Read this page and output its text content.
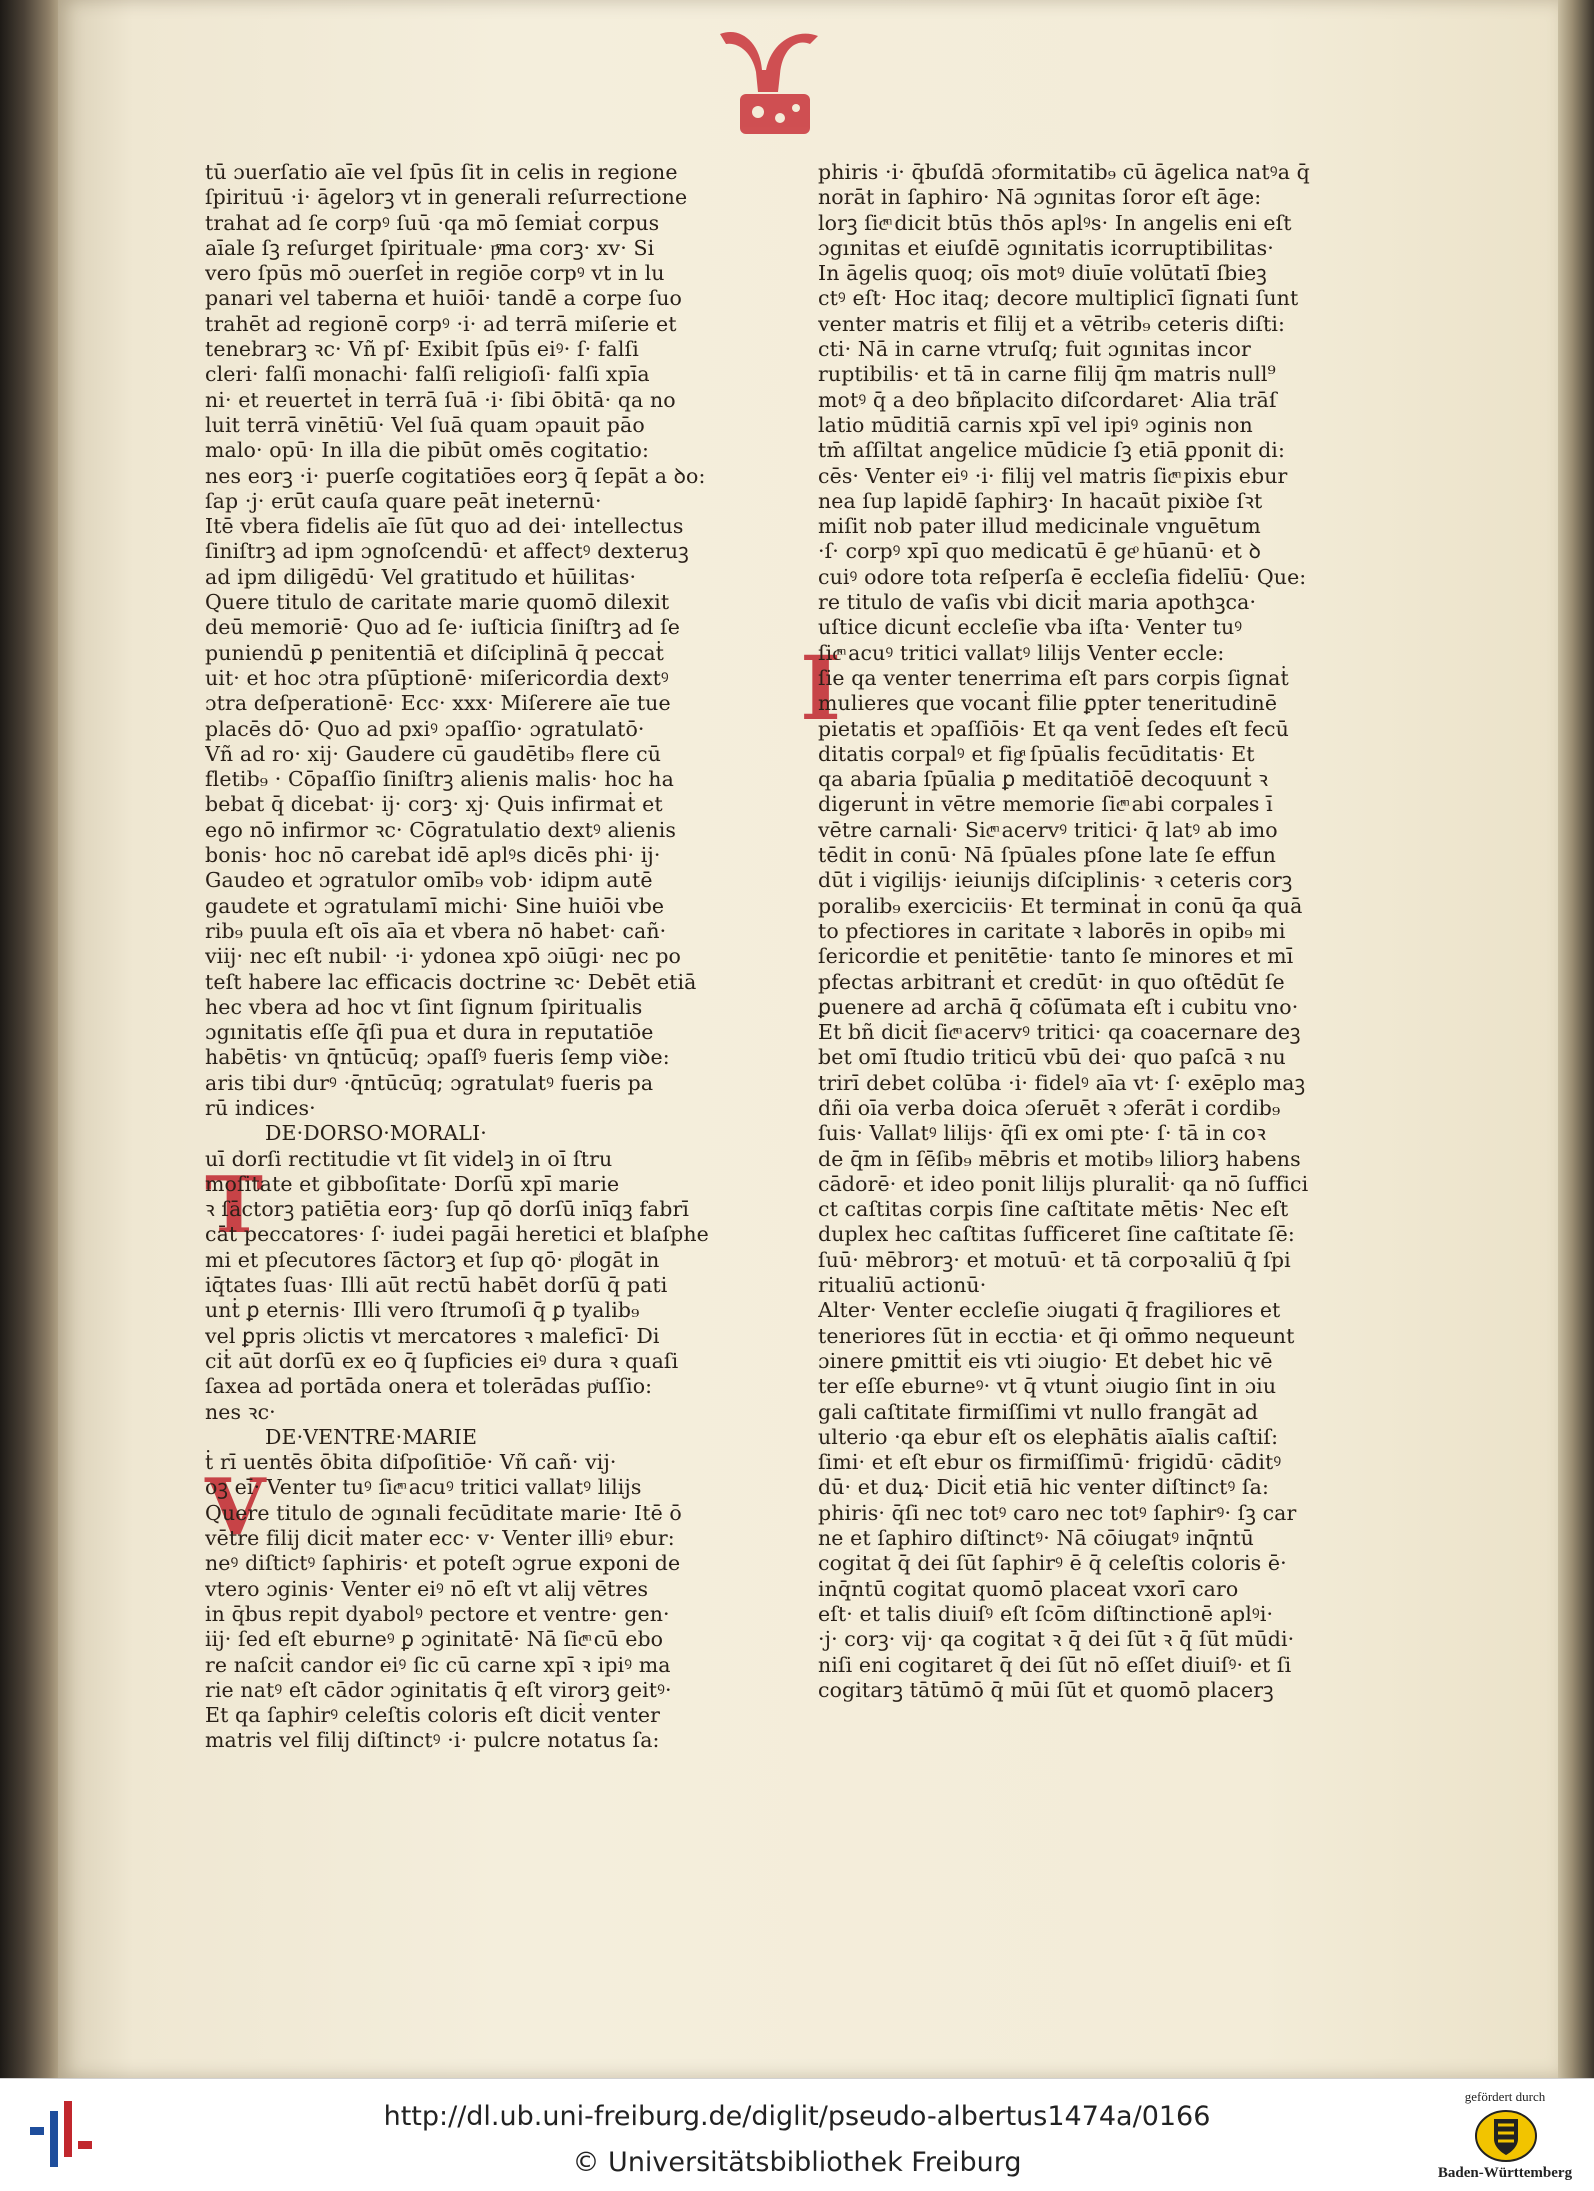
T
V
I
tū ɔuerſatio aīe vel ſpūs ſit in celis in regione
ſpirituū ·i· āgelorꝫ vt in generali reſurrectione
trahat ad ſe corpꝰ ſuū ·qa mō ſemiaṫ corpus
aīale ſꝫ reſurget ſpirituale· pͫma corꝫ· xv· Si
vero ſpūs mō ɔuerſeṫ in regiōe corpꝰ vt in lu
panari vel taberna et huiōi· tandē a corpe ſuo
trahēt ad regionē corpꝰ ·i· ad terrā miſerie et
tenebrarꝫ ꝛc· Vñ pſ· Exibit ſpūs eiꝰ· ſ· falſi
cleri· falſi monachi· falſi religioſi· falſi xpīa
ni· et reuerteṫ in terrā ſuā ·i· ſibi ōbitā· qa no
luit terrā vinētiū· Vel ſuā quam ɔpauit pāo
malo· opū· In illa die pibūt omēs cogitatio:
nes eorꝫ ·i· puerſe cogitatiōes eorꝫ q̄ ſepāt a ꝺo:
ſap ·j· erūt cauſa quare peāt ineternū·
Itē vbera fidelis aīe ſūt quo ad dei· intellectus
ſiniſtrꝫ ad ipm ɔgnoſcendū· et affectꝰ dexteruꝫ
ad ipm diligēdū· Vel gratitudo et hūilitas·
Quere titulo de caritate marie quomō dilexit
deū memoriē· Quo ad ſe· iuſticia ſiniſtrꝫ ad ſe
puniendū ꝑ penitentiā et diſciplinā q̄ peccaṫ
uit· et hoc ɔtra pſūptionē· miſericordia dextꝰ
ɔtra deſperationē· Ecc· xxx· Miſerere aīe tue
placēs dō· Quo ad pxiꝰ ɔpaſſio· ɔgratulatō·
Vñ ad ro· xij· Gaudere cū gaudētib₉ flere cū
fletib₉ · Cōpaſſio ſiniſtrꝫ alienis malis· hoc ha
bebat q̄ dicebat· ij· corꝫ· xj· Quis infirmaṫ et
ego nō infirmor ꝛc· Cōgratulatio dextꝰ alienis
bonis· hoc nō carebat idē aplꝰs dicēs phi· ij·
Gaudeo et ɔgratulor omīb₉ vob· idipm autē
gaudete et ɔgratulamī michi· Sine huiōi vbe
rib₉ puula eſt oīs aīa et vbera nō habet· cañ·
viij· nec eſt nubil· ·i· ydonea xpō ɔiūgi· nec po
teſt habere lac efficacis doctrine ꝛc· Debēt etiā
hec vbera ad hoc vt ſint ſignum ſpiritualis
ɔgınitatis eſſe q̄ſi pua et dura in reputatiōe
habētis· vn q̄ntūcūq; ɔpaſſꝰ fueris ſemp viꝺe:
aris tibi durꝰ ·q̄ntūcūq; ɔgratulatꝰ fueris pa
rū indices·
DE·DORSO·MORALI·
uī dorſi rectitudie vt ſit videlꝫ in oī ſtru
moſitate et gibboſitate· Dorſū xpī marie
ꝛ ſāctorꝫ patiētia eorꝫ· ſup qō dorſū inīqꝫ fabrī
cāt peccatores· ſ· iudei pagāi heretici et blaſphe
mi et pſecutores ſāctorꝫ et ſup qō· pͥlogāt in
iq̄tates ſuas· Illi aūt rectū habēt dorſū q̄ pati
unṫ ꝑ eternis· Illi vero ſtrumoſi q̄ ꝑ tyalib₉
vel ꝑpris ɔlictis vt mercatores ꝛ maleficī· Di
ciṫ aūt dorſū ex eo q̄ ſupficies eiꝰ dura ꝛ quaſi
ſaxea ad portāda onera et tolerādas pͥuſſio:
nes ꝛc·
DE·VENTRE·MARIE
ṫ rī uentēs ōbita diſpoſitiōe· Vñ cañ· vij·
oꝫ eī· Venter tuꝰ ſicͫ acuꝰ tritici vallatꝰ lilijs
Quere titulo de ɔgınali fecūditate marie· Itē ō
vētre filij diciṫ mater ecc· v· Venter illiꝰ ebur:
neꝰ diſtictꝰ ſaphiris· et poteſt ɔgrue exponi de
vtero ɔginis· Venter eiꝰ nō eſt vt alij vētres
in q̄bus repit dyabolꝰ pectore et ventre· gen·
iij· ſed eſt eburneꝰ ꝑ ɔginitatē· Nā ſicͫ cū ebo
re naſciṫ candor eiꝰ ſic cū carne xpī ꝛ ipiꝰ ma
rie natꝰ eſt cādor ɔginitatis q̄ eſt virorꝫ geitꝰ·
Et qa ſaphirꝰ celeſtis coloris eſt diciṫ venter
matris vel filij diſtinctꝰ ·i· pulcre notatus ſa:
phiris ·i· q̄buſdā ɔformitatib₉ cū āgelica natꝰa q̄
norāt in ſaphiro· Nā ɔgınitas ſoror eſt āge:
lorꝫ ſicͫ dicit btūs thōs aplꝰs· In angelis eni eſt
ɔgınitas et eiuſdē ɔgınitatis icorruptibilitas·
In āgelis quoq; oīs motꝰ diuīe volūtatī ſbieꝫ
ctꝰ eſt· Hoc itaq; decore multiplicī ſignati ſunt
venter matris et filij et a vētrib₉ ceteris diſti:
cti· Nā in carne vtruſq; fuit ɔgınitas incor
ruptibilis· et tā in carne filij q̄m matris null⁹
motꝰ q̄ a deo bñplacito diſcordaret· Alia trāſ
latio mūditiā carnis xpī vel ipiꝰ ɔginis non
tm̄ aſſiltat angelice mūdicie ſꝫ etiā ꝑponit di:
cēs· Venter eiꝰ ·i· filij vel matris ſicͫ pixis ebur
nea ſup lapidē ſaphirꝫ· In hacaūt pixiꝺe ſꝛt
miſit nob pater illud medicinale vnguētum
·ſ· corpꝰ xpī quo medicatū ē geͦ hūanū· et ꝺ
cuiꝰ odore tota reſperſa ē eccleſia fidelīū· Que:
re titulo de vaſis vbi diciṫ maria apothꝫca·
uſtice dicunṫ eccleſie vba iſta· Venter tuꝰ
ſicͫ acuꝰ tritici vallatꝰ lilijs Venter eccle:
ſie qa venter tenerrima eſt pars corpis ſignaṫ
mulieres que vocanṫ filie ꝑpter teneritudinē
pietatis et ɔpaſſiōis· Et qa venṫ ſedes eſt fecū
ditatis corpalꝰ et figͣ ſpūalis fecūditatis· Et
qa abaria ſpūalia ꝑ meditatiōē decoquunṫ ꝛ
digerunṫ in vētre memorie ſicͫ abi corpales ī
vētre carnali· Sicͫ acervꝰ tritici· q̄ latꝰ ab imo
tēdit in conū· Nā ſpūales pſone late ſe effun
dūt i vigilijs· ieiunijs diſciplinis· ꝛ ceteris corꝫ
poralib₉ exerciciis· Et terminaṫ in conū q̄a quā
to pfectiores in caritate ꝛ laborēs in opib₉ mi
ſericordie et penitētie· tanto ſe minores et mī
pfectas arbitranṫ et credūt· in quo oſtēdūt ſe
ꝑuenere ad archā q̄ cōſūmata eſt i cubitu vno·
Et bñ diciṫ ſicͫ acervꝰ tritici· qa coacernare deꝫ
bet omī ſtudio triticū vbū dei· quo paſcā ꝛ nu
trirī debet colūba ·i· fidelꝰ aīa vt· ſ· exēplo maꝫ
dñi oīa verba doica ɔſeruēt ꝛ ɔferāt i cordib₉
ſuis· Vallatꝰ lilijs· q̄ſi ex omi pte· ſ· tā in coꝛ
de q̄m in ſēſib₉ mēbris et motib₉ liliorꝫ habens
cādorē· et ideo ponit lilijs pluraliṫ· qa nō ſuffici
ct caſtitas corpis ſine caſtitate mētis· Nec eſt
duplex hec caſtitas ſufficeret ſine caſtitate ſē:
ſuū· mēbrorꝫ· et motuū· et tā corpoꝛaliū q̄ ſpi
ritualiū actionū·
Alter· Venter eccleſie ɔiugati q̄ fragiliores et
teneriores ſūt in ecctia· et q̄i om̄mo nequeunt
ɔinere ꝑmittiṫ eis vti ɔiugio· Et debet hic vē
ter eſſe eburneꝰ· vt q̄ vtunṫ ɔiugio ſint in ɔiu
gali caſtitate firmiſſimi vt nullo frangāt ad
ulterio ·qa ebur eſt os elephātis aīalis caſtiſ:
ſimi· et eſt ebur os firmiſſimū· frigidū· cāditꝰ
dū· et duꝝ· Diciṫ etiā hic venter diſtinctꝰ ſa:
phiris· q̄ſi nec totꝰ caro nec totꝰ ſaphirꝰ· ſꝫ car
ne et ſaphiro diſtinctꝰ· Nā cōiugatꝰ inq̄ntū
cogitat q̄ dei ſūt ſaphirꝰ ē q̄ celeſtis coloris ē·
inq̄ntū cogitat quomō placeat vxorī caro
eſt· et talis diuiſꝰ eſt ſcōm diſtinctionē aplꝰi·
·j· corꝫ· vij· qa cogitat ꝛ q̄ dei ſūt ꝛ q̄ ſūt mūdi·
niſi eni cogitaret q̄ dei ſūt nō eſſet diuiſꝰ· et ſi
cogitarꝫ tātūmō q̄ mūi ſūt et quomō placerꝫ
http://dl.ub.uni-freiburg.de/diglit/pseudo-albertus1474a/0166
© Universitätsbibliothek Freiburg
gefördert durch
Baden-Württemberg
